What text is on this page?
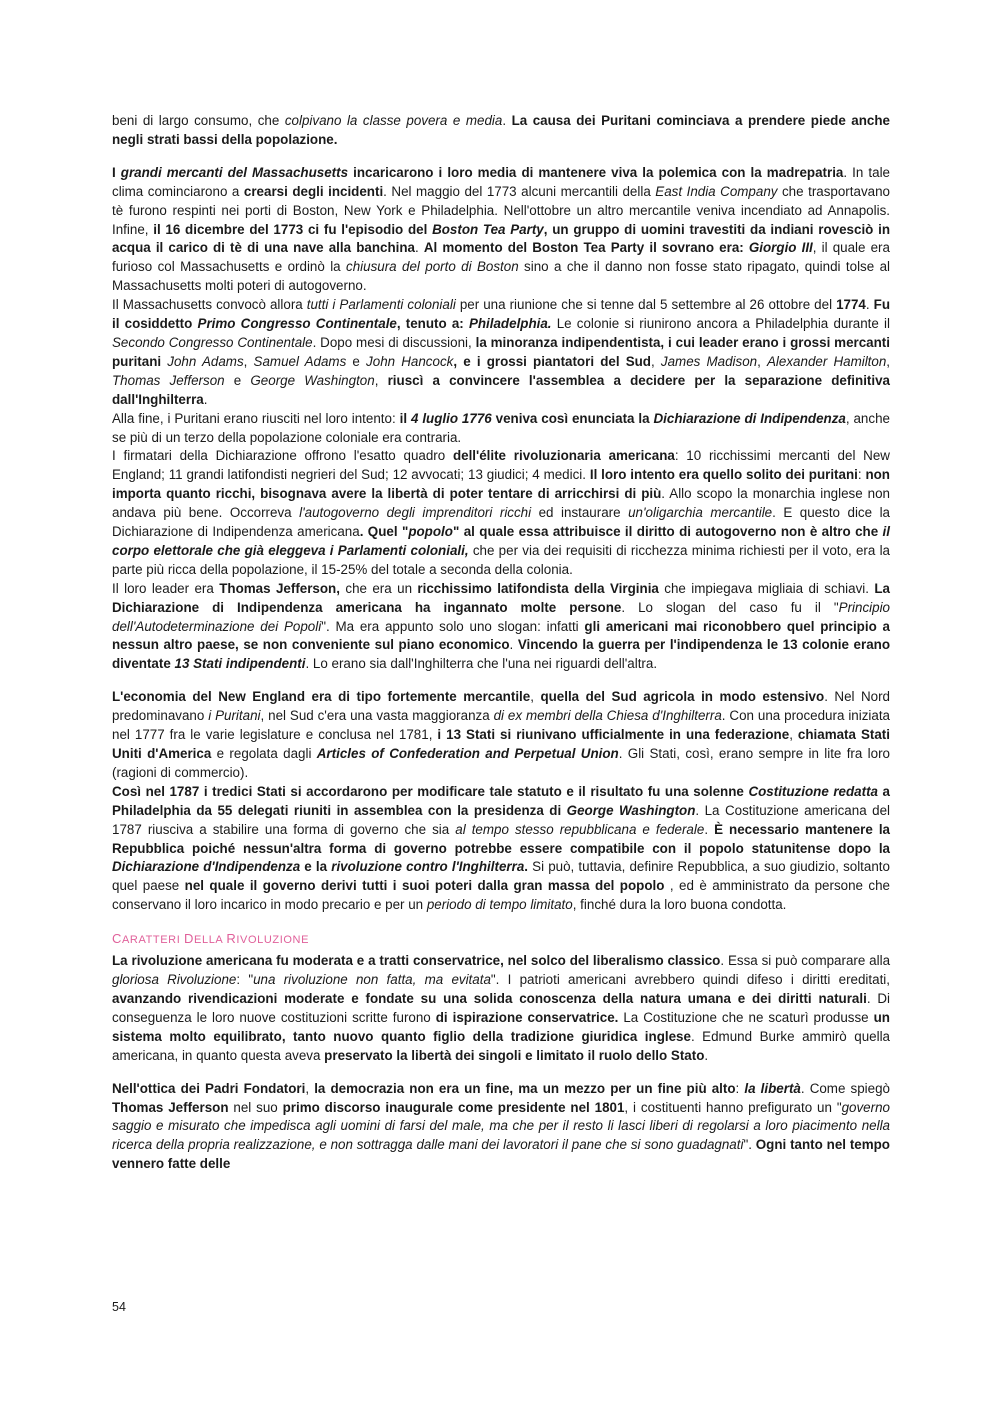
beni di largo consumo, che colpivano la classe povera e media. La causa dei Puritani cominciava a prendere piede anche negli strati bassi della popolazione.

I grandi mercanti del Massachusetts incaricarono i loro media di mantenere viva la polemica con la madrepatria. In tale clima cominciarono a crearsi degli incidenti. Nel maggio del 1773 alcuni mercantili della East India Company che trasportavano tè furono respinti nei porti di Boston, New York e Philadelphia. Nell'ottobre un altro mercantile veniva incendiato ad Annapolis. Infine, il 16 dicembre del 1773 ci fu l'episodio del Boston Tea Party, un gruppo di uomini travestiti da indiani rovesciò in acqua il carico di tè di una nave alla banchina. Al momento del Boston Tea Party il sovrano era: Giorgio III, il quale era furioso col Massachusetts e ordinò la chiusura del porto di Boston sino a che il danno non fosse stato ripagato, quindi tolse al Massachusetts molti poteri di autogoverno.

Il Massachusetts convocò allora tutti i Parlamenti coloniali per una riunione che si tenne dal 5 settembre al 26 ottobre del 1774. Fu il cosiddetto Primo Congresso Continentale, tenuto a: Philadelphia. Le colonie si riunirono ancora a Philadelphia durante il Secondo Congresso Continentale. Dopo mesi di discussioni, la minoranza indipendentista, i cui leader erano i grossi mercanti puritani John Adams, Samuel Adams e John Hancock, e i grossi piantatori del Sud, James Madison, Alexander Hamilton, Thomas Jefferson e George Washington, riuscì a convincere l'assemblea a decidere per la separazione definitiva dall'Inghilterra.

Alla fine, i Puritani erano riusciti nel loro intento: il 4 luglio 1776 veniva così enunciata la Dichiarazione di Indipendenza, anche se più di un terzo della popolazione coloniale era contraria.

I firmatari della Dichiarazione offrono l'esatto quadro dell'élite rivoluzionaria americana: 10 ricchissimi mercanti del New England; 11 grandi latifondisti negrieri del Sud; 12 avvocati; 13 giudici; 4 medici. Il loro intento era quello solito dei puritani: non importa quanto ricchi, bisognava avere la libertà di poter tentare di arricchirsi di più. Allo scopo la monarchia inglese non andava più bene. Occorreva l'autogoverno degli imprenditori ricchi ed instaurare un'oligarchia mercantile. E questo dice la Dichiarazione di Indipendenza americana. Quel "popolo" al quale essa attribuisce il diritto di autogoverno non è altro che il corpo elettorale che già eleggeva i Parlamenti coloniali, che per via dei requisiti di ricchezza minima richiesti per il voto, era la parte più ricca della popolazione, il 15-25% del totale a seconda della colonia.

Il loro leader era Thomas Jefferson, che era un ricchissimo latifondista della Virginia che impiegava migliaia di schiavi. La Dichiarazione di Indipendenza americana ha ingannato molte persone. Lo slogan del caso fu il "Principio dell'Autodeterminazione dei Popoli". Ma era appunto solo uno slogan: infatti gli americani mai riconobbero quel principio a nessun altro paese, se non conveniente sul piano economico. Vincendo la guerra per l'indipendenza le 13 colonie erano diventate 13 Stati indipendenti. Lo erano sia dall'Inghilterra che l'una nei riguardi dell'altra.

L'economia del New England era di tipo fortemente mercantile, quella del Sud agricola in modo estensivo. Nel Nord predominavano i Puritani, nel Sud c'era una vasta maggioranza di ex membri della Chiesa d'Inghilterra. Con una procedura iniziata nel 1777 fra le varie legislature e conclusa nel 1781, i 13 Stati si riunivano ufficialmente in una federazione, chiamata Stati Uniti d'America e regolata dagli Articles of Confederation and Perpetual Union. Gli Stati, così, erano sempre in lite fra loro (ragioni di commercio).

Così nel 1787 i tredici Stati si accordarono per modificare tale statuto e il risultato fu una solenne Costituzione redatta a Philadelphia da 55 delegati riuniti in assemblea con la presidenza di George Washington. La Costituzione americana del 1787 riusciva a stabilire una forma di governo che sia al tempo stesso repubblicana e federale. È necessario mantenere la Repubblica poiché nessun'altra forma di governo potrebbe essere compatibile con il popolo statunitense dopo la Dichiarazione d'Indipendenza e la rivoluzione contro l'Inghilterra. Si può, tuttavia, definire Repubblica, a suo giudizio, soltanto quel paese nel quale il governo derivi tutti i suoi poteri dalla gran massa del popolo , ed è amministrato da persone che conservano il loro incarico in modo precario e per un periodo di tempo limitato, finché dura la loro buona condotta.

CARATTERI DELLA RIVOLUZIONE

La rivoluzione americana fu moderata e a tratti conservatrice, nel solco del liberalismo classico. Essa si può comparare alla gloriosa Rivoluzione: "una rivoluzione non fatta, ma evitata". I patrioti americani avrebbero quindi difeso i diritti ereditati, avanzando rivendicazioni moderate e fondate su una solida conoscenza della natura umana e dei diritti naturali. Di conseguenza le loro nuove costituzioni scritte furono di ispirazione conservatrice. La Costituzione che ne scaturì produsse un sistema molto equilibrato, tanto nuovo quanto figlio della tradizione giuridica inglese. Edmund Burke ammirò quella americana, in quanto questa aveva preservato la libertà dei singoli e limitato il ruolo dello Stato.

Nell'ottica dei Padri Fondatori, la democrazia non era un fine, ma un mezzo per un fine più alto: la libertà. Come spiegò Thomas Jefferson nel suo primo discorso inaugurale come presidente nel 1801, i costituenti hanno prefigurato un "governo saggio e misurato che impedisca agli uomini di farsi del male, ma che per il resto li lasci liberi di regolarsi a loro piacimento nella ricerca della propria realizzazione, e non sottragga dalle mani dei lavoratori il pane che si sono guadagnati". Ogni tanto nel tempo vennero fatte delle

54
